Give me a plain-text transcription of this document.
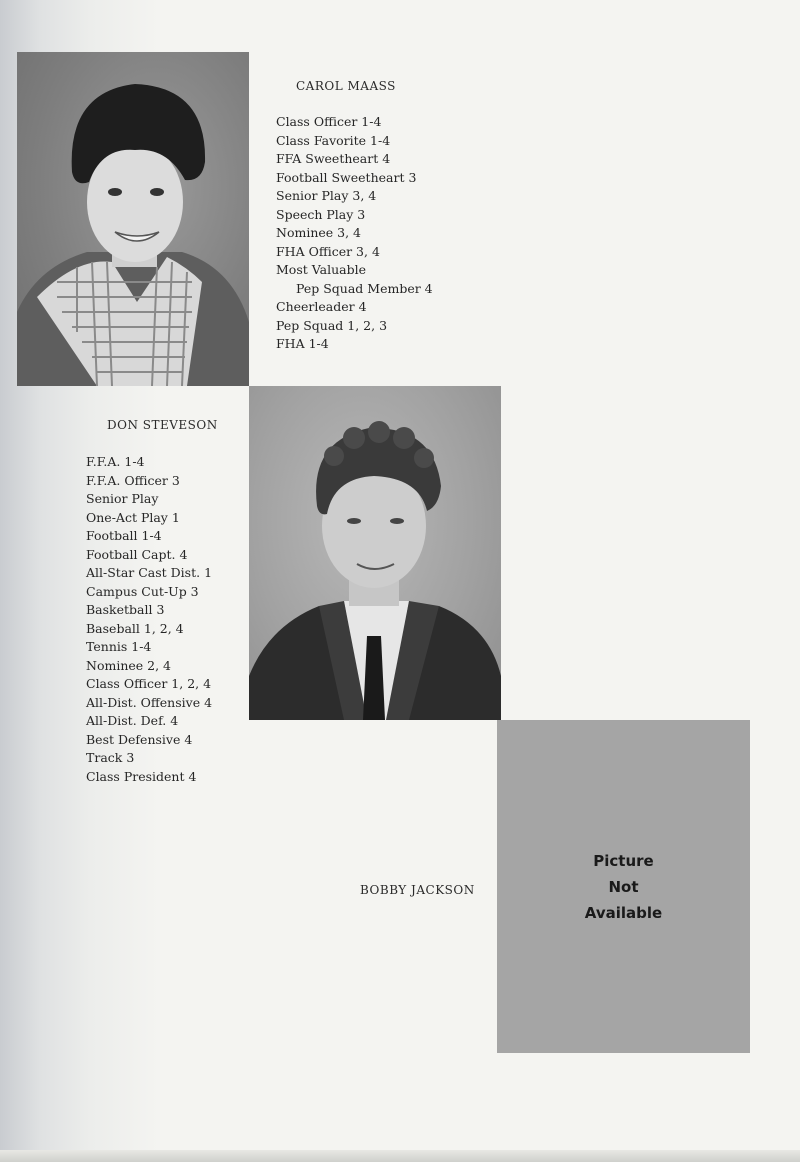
CAROL MAASS
Class Officer 1-4
Class Favorite 1-4
FFA Sweetheart 4
Football Sweetheart 3
Senior Play 3, 4
Speech Play 3
Nominee 3, 4
FHA Officer 3, 4
Most Valuable
Pep Squad Member 4
Cheerleader 4
Pep Squad 1, 2, 3
FHA 1-4
DON STEVESON
F.F.A. 1-4
F.F.A. Officer 3
Senior Play
One-Act Play 1
Football 1-4
Football Capt. 4
All-Star Cast Dist. 1
Campus Cut-Up 3
Basketball 3
Baseball 1, 2, 4
Tennis 1-4
Nominee 2, 4
Class Officer 1, 2, 4
All-Dist. Offensive 4
All-Dist. Def. 4
Best Defensive 4
Track 3
Class President 4
BOBBY JACKSON
Picture
Not
Available
